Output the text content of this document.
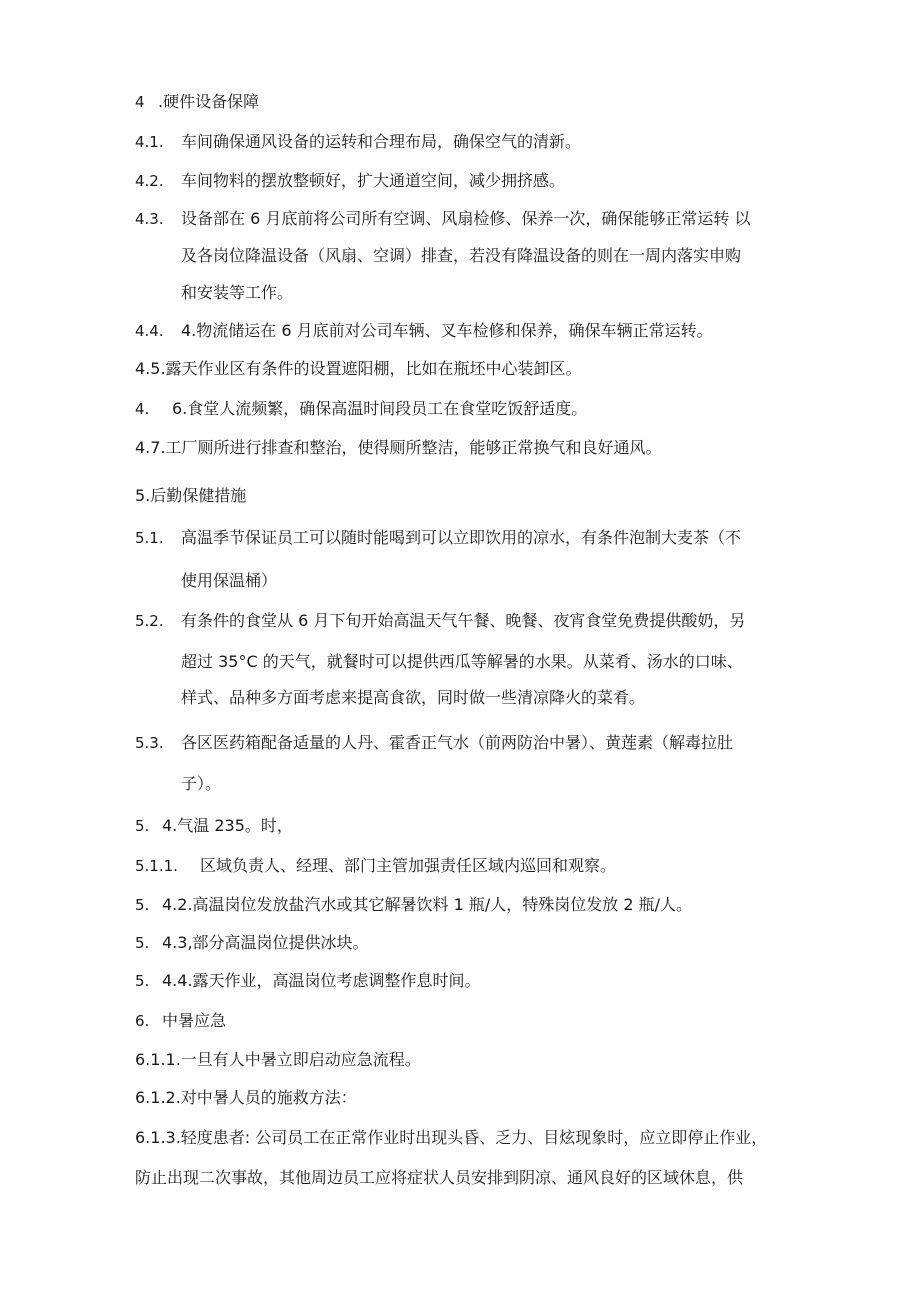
4 .硬件设备保障
4.1. 车间确保通风设备的运转和合理布局，确保空气的清新。
4.2. 车间物料的摆放整顿好，扩大通道空间，减少拥挤感。
4.3. 设备部在 6 月底前将公司所有空调、风扇检修、保养一次，确保能够正常运转 以
及各岗位降温设备（风扇、空调）排查，若没有降温设备的则在一周内落实申购
和安装等工作。
4.4. 4.物流储运在 6 月底前对公司车辆、叉车检修和保养，确保车辆正常运转。
4.5.露天作业区有条件的设置遮阳棚，比如在瓶坯中心装卸区。
4. 6.食堂人流频繁，确保高温时间段员工在食堂吃饭舒适度。
4.7.工厂厕所进行排查和整治，使得厕所整洁，能够正常换气和良好通风。
5.后勤保健措施
5.1. 高温季节保证员工可以随时能喝到可以立即饮用的凉水，有条件泡制大麦茶（不
使用保温桶）
5.2. 有条件的食堂从 6 月下旬开始高温天气午餐、晚餐、夜宵食堂免费提供酸奶，另
超过 35°C 的天气，就餐时可以提供西瓜等解暑的水果。从菜肴、汤水的口味、
样式、品种多方面考虑来提高食欲，同时做一些清凉降火的菜肴。
5.3. 各区医药箱配备适量的人丹、霍香正气水（前两防治中暑）、黄莲素（解毒拉肚
子）。
5. 4.气温 235。时，
5.1.1. 区域负责人、经理、部门主管加强责任区域内巡回和观察。
5. 4.2.高温岗位发放盐汽水或其它解暑饮料 1 瓶/人，特殊岗位发放 2 瓶/人。
5. 4.3,部分高温岗位提供冰块。
5. 4.4.露天作业，高温岗位考虑调整作息时间。
6. 中暑应急
6.1.1.一旦有人中暑立即启动应急流程。
6.1.2.对中暑人员的施救方法：
6.1.3.轻度患者: 公司员工在正常作业时出现头昏、乏力、目炫现象时，应立即停止作业，
防止出现二次事故，其他周边员工应将症状人员安排到阴凉、通风良好的区域休息，供
